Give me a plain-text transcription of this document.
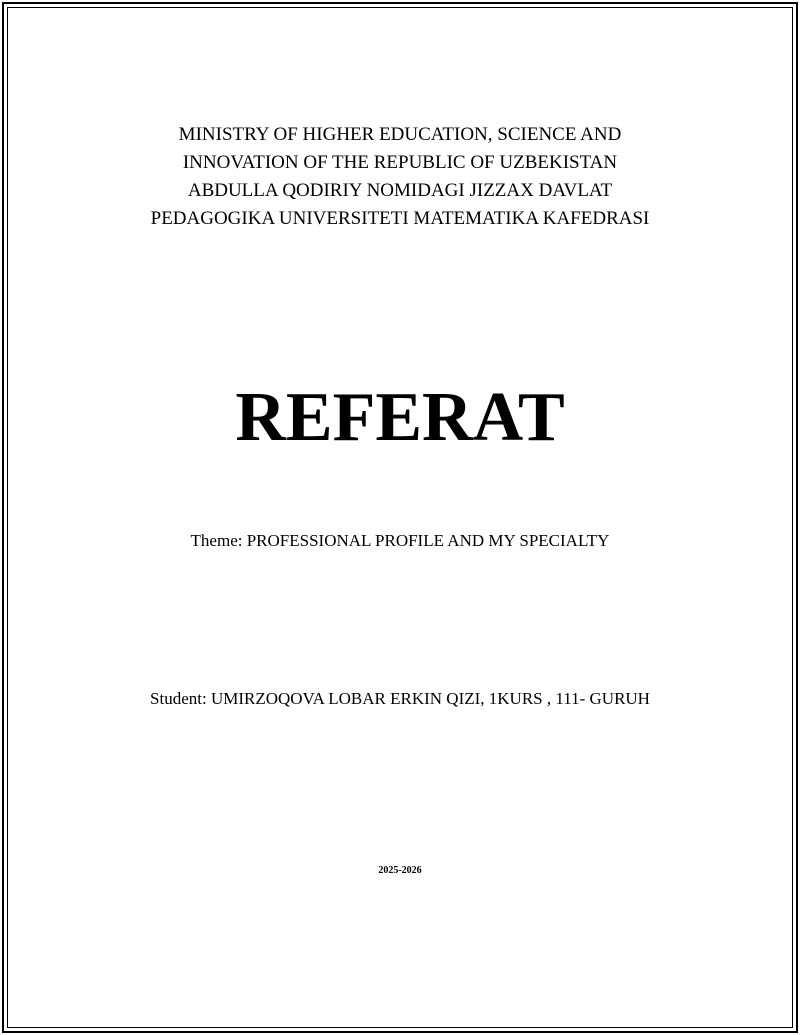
MINISTRY OF HIGHER EDUCATION, SCIENCE AND
INNOVATION OF THE REPUBLIC OF UZBEKISTAN
ABDULLA QODIRIY NOMIDAGI JIZZAX DAVLAT
PEDAGOGIKA UNIVERSITETI MATEMATIKA KAFEDRASI
REFERAT
Theme: PROFESSIONAL PROFILE AND MY SPECIALTY
Student: UMIRZOQOVA LOBAR ERKIN QIZI, 1KURS , 111- GURUH
2025-2026
